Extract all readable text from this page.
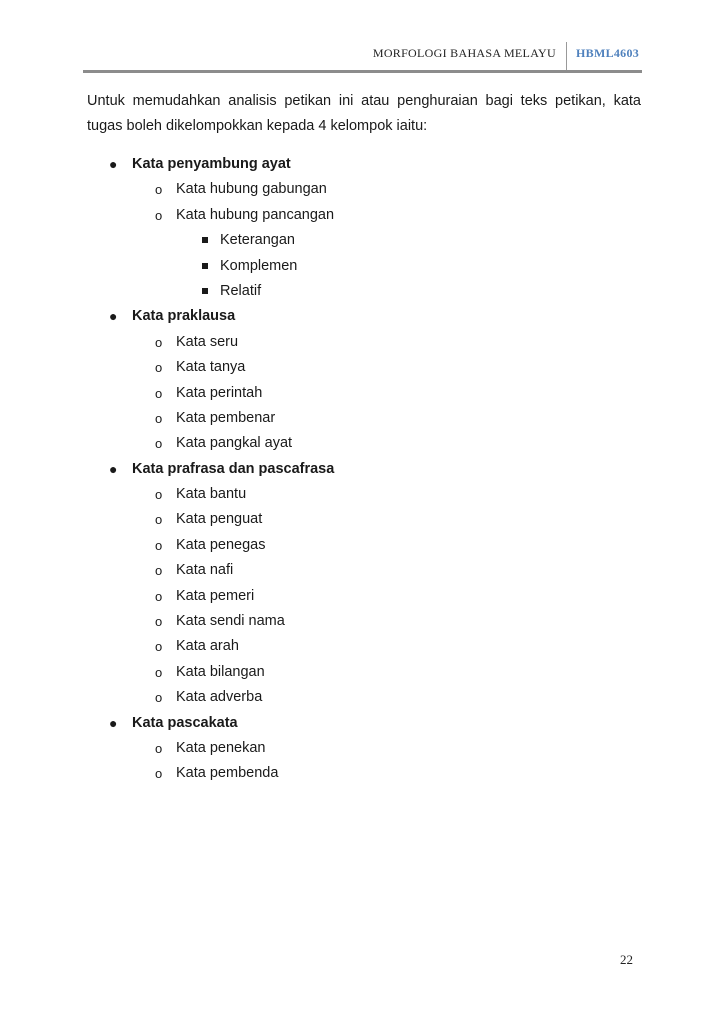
MORFOLOGI BAHASA MELAYU HBML4603
Untuk memudahkan analisis petikan ini atau penghuraian bagi teks petikan, kata tugas boleh dikelompokkan kepada 4 kelompok iaitu:
● Kata penyambung ayat
o Kata hubung gabungan
o Kata hubung pancangan
Keterangan
Komplemen
Relatif
● Kata praklausa
o Kata seru
o Kata tanya
o Kata perintah
o Kata pembenar
o Kata pangkal ayat
● Kata prafrasa dan pascafrasa
o Kata bantu
o Kata penguat
o Kata penegas
o Kata nafi
o Kata pemeri
o Kata sendi nama
o Kata arah
o Kata bilangan
o Kata adverba
● Kata pascakata
o Kata penekan
o Kata pembenda
22
